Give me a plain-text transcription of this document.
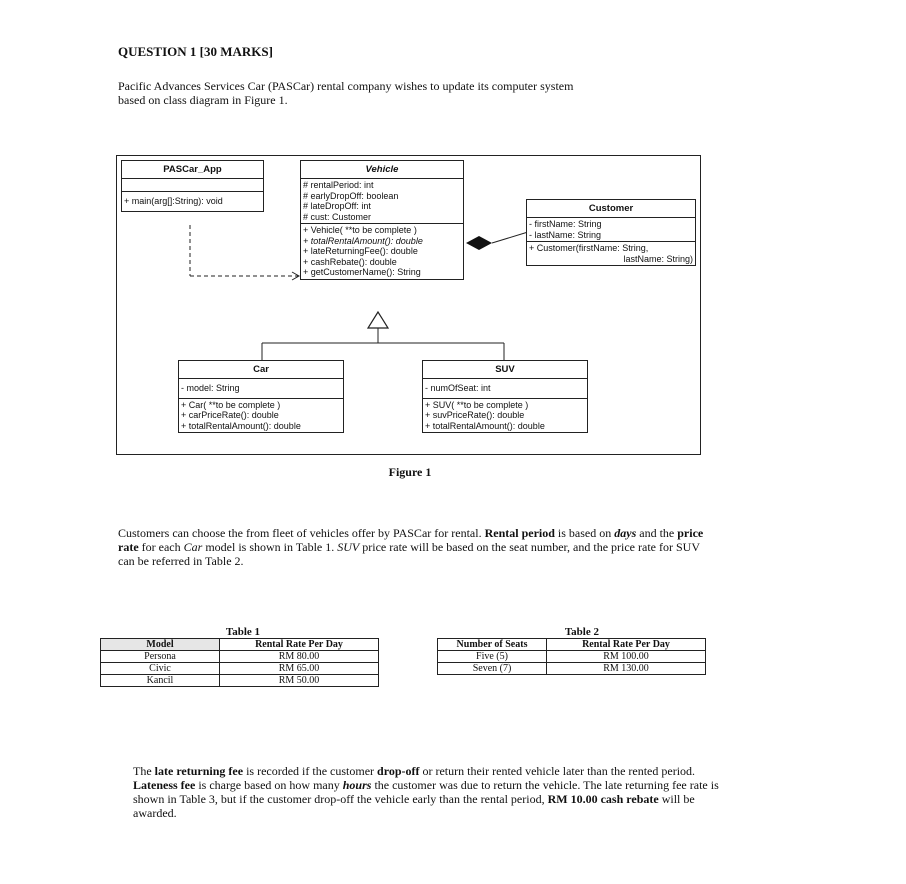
QUESTION 1 [30 MARKS]
Pacific Advances Services Car (PASCar) rental company wishes to update its computer system
based on class diagram in Figure 1.
PASCar_App
+ main(arg[]:String): void
Vehicle
# rentalPeriod: int
# earlyDropOff: boolean
# lateDropOff: int
# cust: Customer
+ Vehicle( **to be complete )
+ totalRentalAmount(): double
+ lateReturningFee(): double
+ cashRebate(): double
+ getCustomerName(): String
Customer
- firstName: String
- lastName: String
+ Customer(firstName: String,
lastName: String)
Car
- model: String
+ Car( **to be complete )
+ carPriceRate(): double
+ totalRentalAmount(): double
SUV
- numOfSeat: int
+ SUV( **to be complete )
+ suvPriceRate(): double
+ totalRentalAmount(): double
Figure 1
Customers can choose the from fleet of vehicles offer by PASCar for rental. Rental period is based on days and the price rate for each Car model is shown in Table 1. SUV price rate will be based on the seat number, and the price rate for SUV can be referred in Table 2.
Table 1
Model	Rental Rate Per Day
Persona	RM 80.00
Civic	RM 65.00
Kancil	RM 50.00
Table 2
Number of Seats	Rental Rate Per Day
Five (5)	RM 100.00
Seven (7)	RM 130.00
The late returning fee is recorded if the customer drop-off or return their rented vehicle later than the rented period. Lateness fee is charge based on how many hours the customer was due to return the vehicle. The late returning fee rate is shown in Table 3, but if the customer drop-off the vehicle early than the rental period, RM 10.00 cash rebate will be awarded.
